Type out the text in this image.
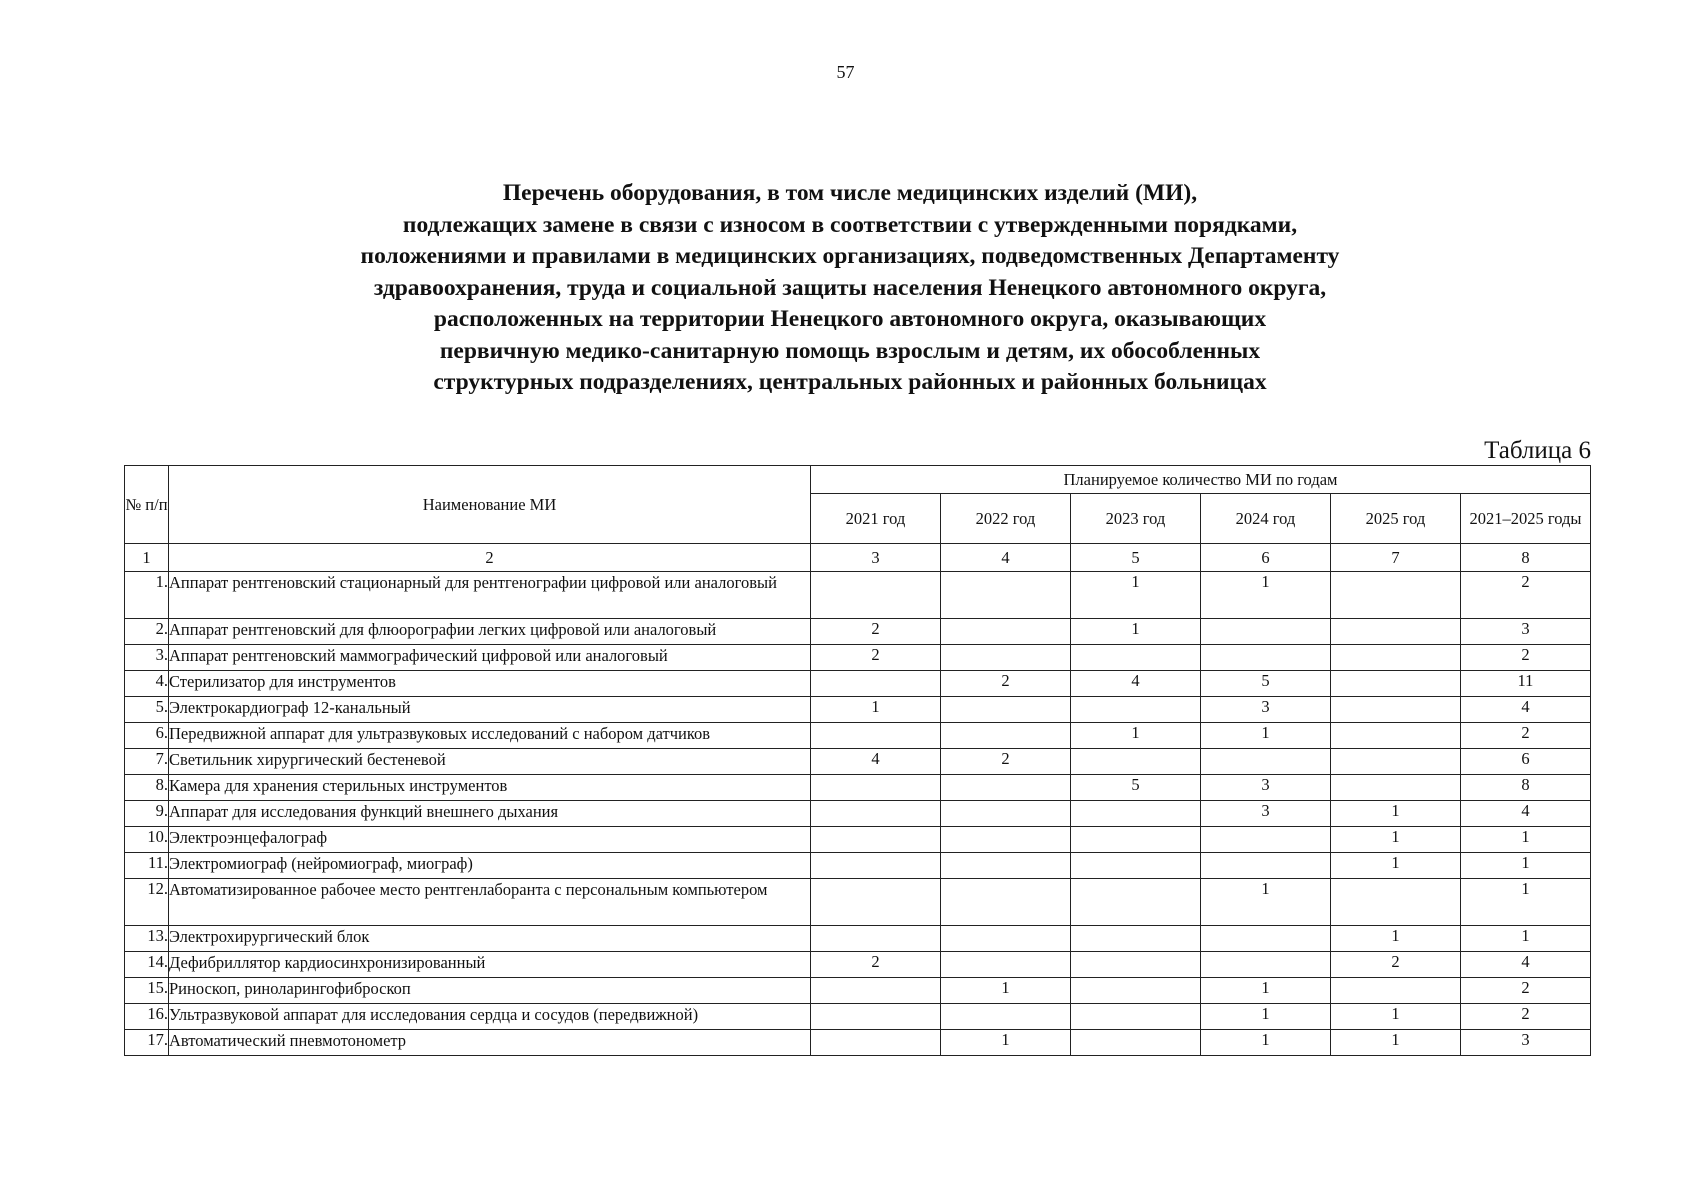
57
Перечень оборудования, в том числе медицинских изделий (МИ),
подлежащих замене в связи с износом в соответствии с утвержденными порядками,
положениями и правилами в медицинских организациях, подведомственных Департаменту
здравоохранения, труда и социальной защиты населения Ненецкого автономного округа,
расположенных на территории Ненецкого автономного округа, оказывающих
первичную медико-санитарную помощь взрослым и детям, их обособленных
структурных подразделениях, центральных районных и районных больницах
Таблица 6
№ п/п	Наименование МИ	Планируемое количество МИ по годам					
		2021 год	2022 год	2023 год	2024 год	2025 год	2021–2025 годы
1	2	3	4	5	6	7	8
1.	Аппарат рентгеновский стационарный для рентгенографии цифровой или аналоговый			1	1		2
2.	Аппарат рентгеновский для флюорографии легких цифровой или аналоговый	2		1			3
3.	Аппарат рентгеновский маммографический цифровой или аналоговый	2					2
4.	Стерилизатор для инструментов		2	4	5		11
5.	Электрокардиограф 12-канальный	1			3		4
6.	Передвижной аппарат для ультразвуковых исследований с набором датчиков			1	1		2
7.	Светильник хирургический бестеневой	4	2				6
8.	Камера для хранения стерильных инструментов			5	3		8
9.	Аппарат для исследования функций внешнего дыхания				3	1	4
10.	Электроэнцефалограф					1	1
11.	Электромиограф (нейромиограф, миограф)					1	1
12.	Автоматизированное рабочее место рентгенлаборанта с персональным компьютером				1		1
13.	Электрохирургический блок					1	1
14.	Дефибриллятор кардиосинхронизированный	2				2	4
15.	Риноскоп, риноларингофиброскоп		1		1		2
16.	Ультразвуковой аппарат для исследования сердца и сосудов (передвижной)				1	1	2
17.	Автоматический пневмотонометр		1		1	1	3
